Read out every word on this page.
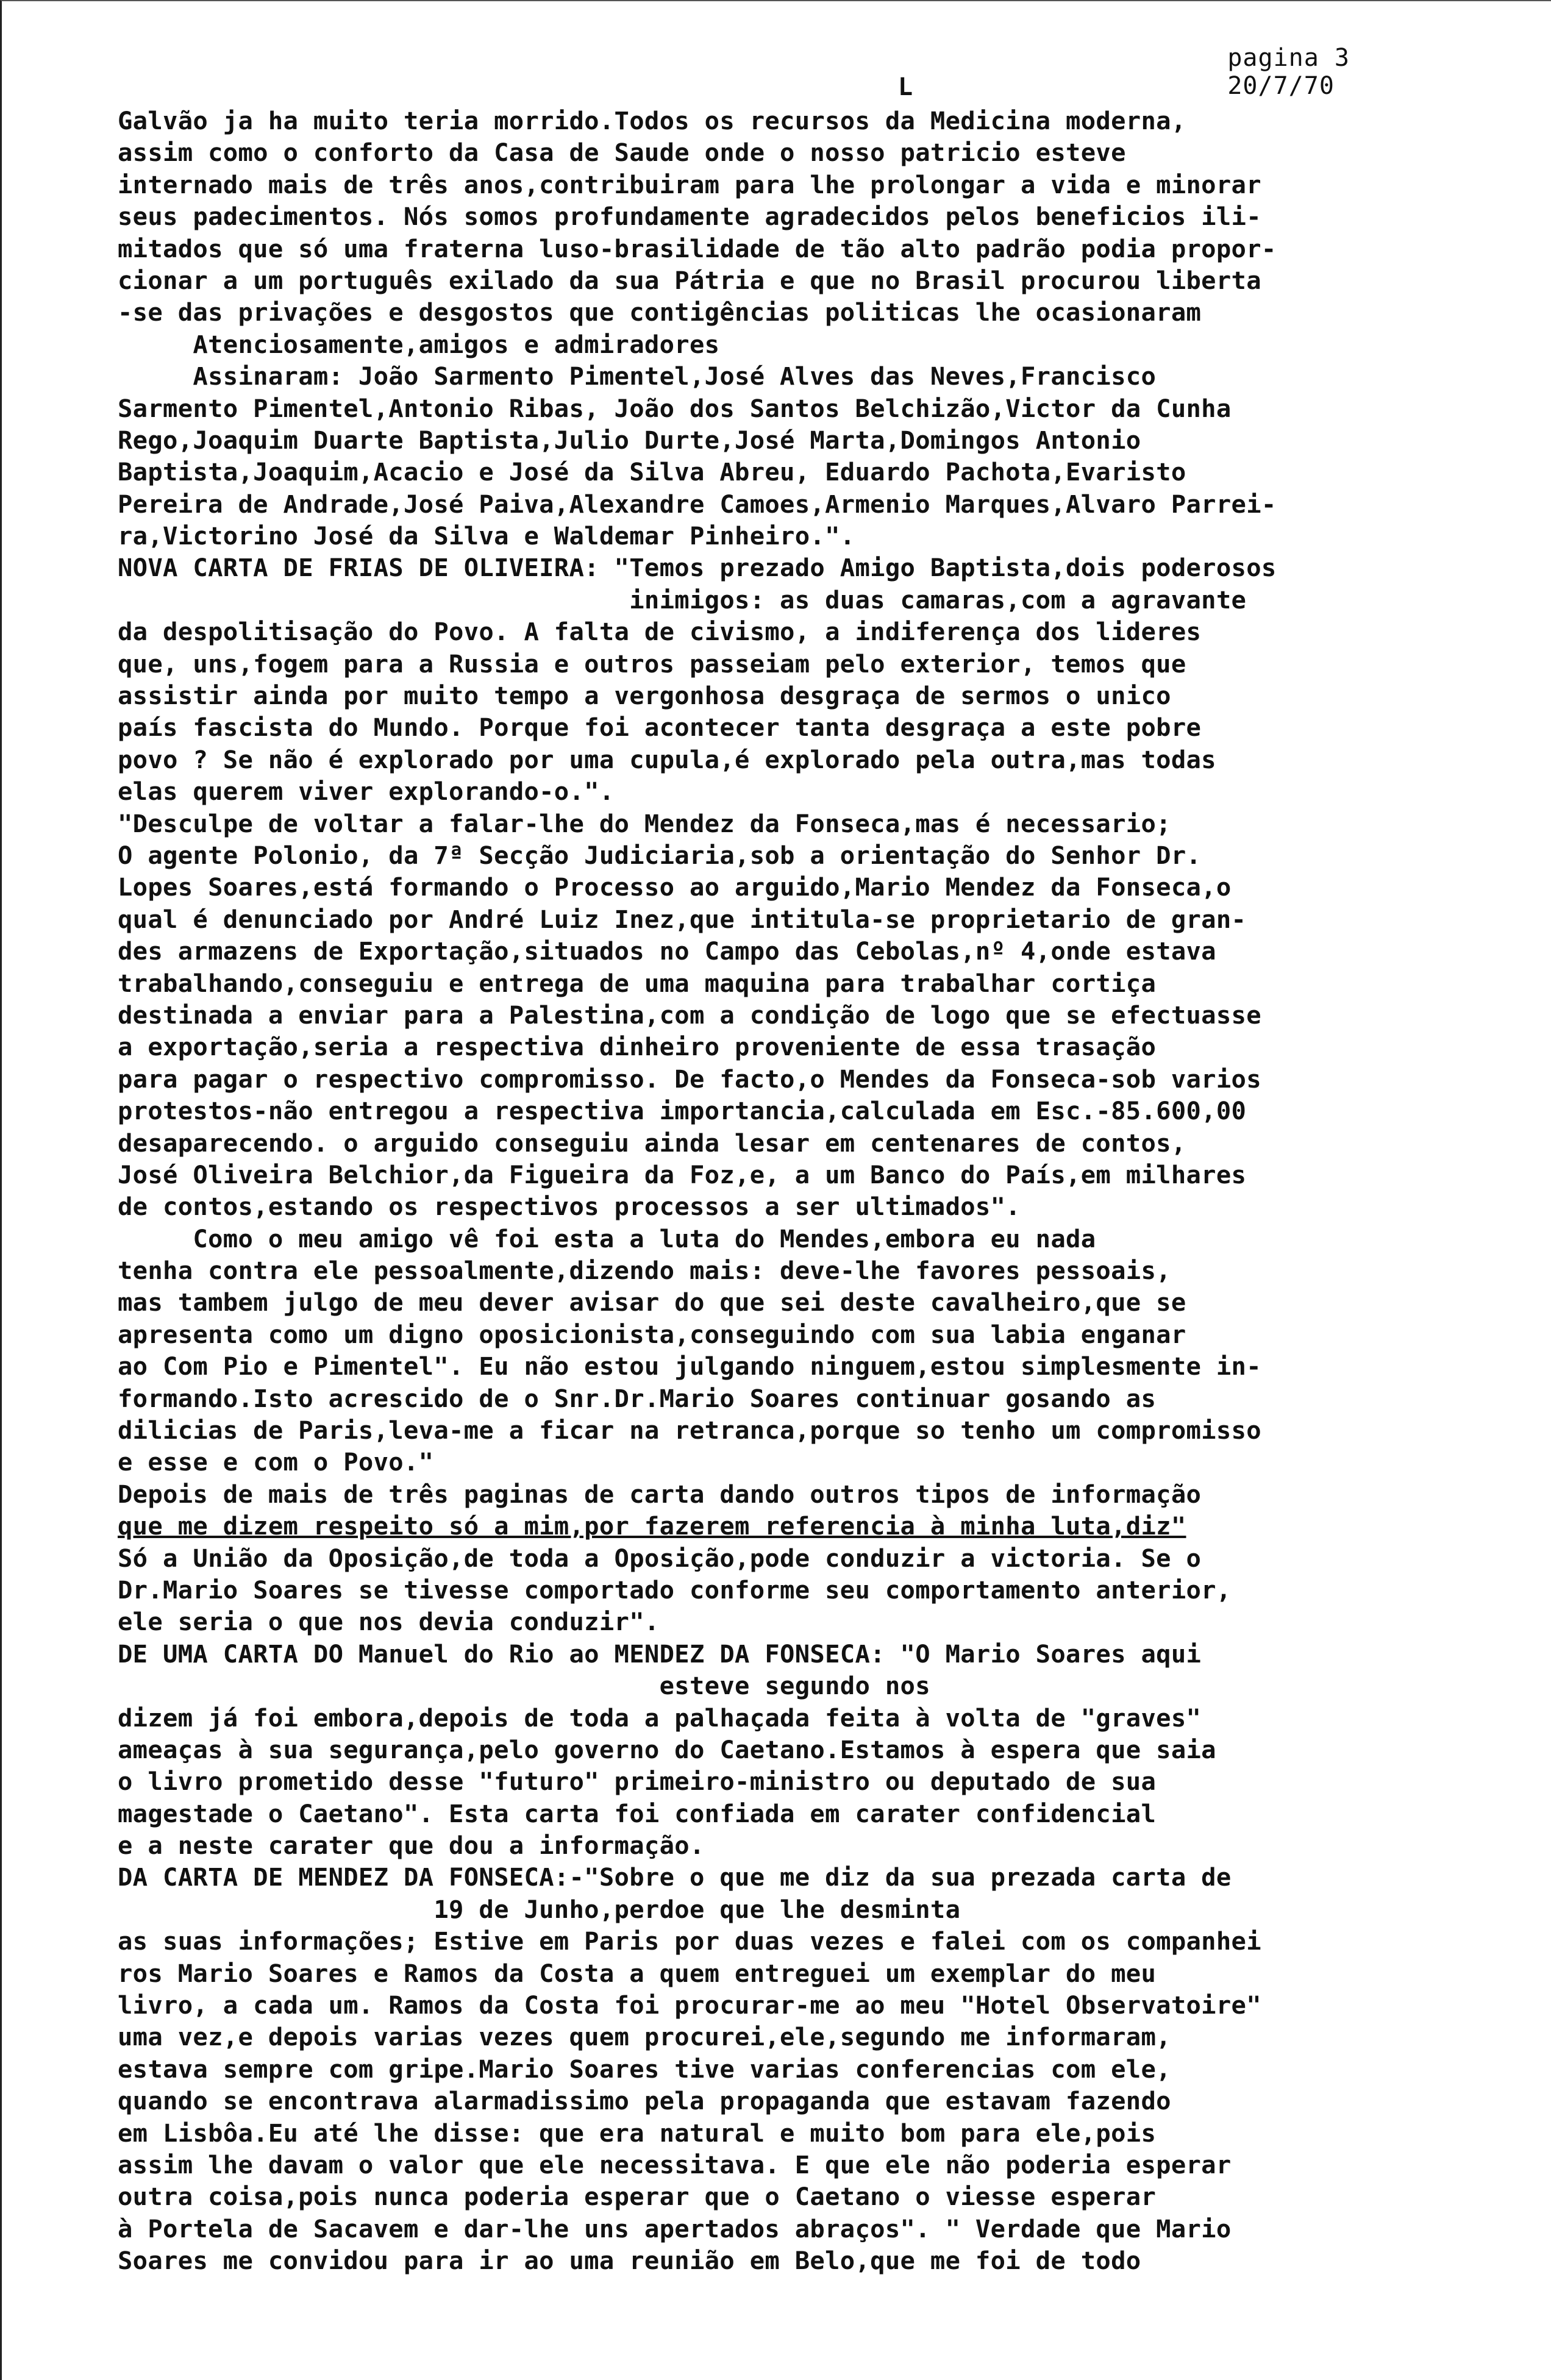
pagina 3
20/7/70
L
Galvão ja ha muito teria morrido.Todos os recursos da Medicina moderna,
assim como o conforto da Casa de Saude onde o nosso patricio esteve
internado mais de três anos,contribuiram para lhe prolongar a vida e minorar
seus padecimentos. Nós somos profundamente agradecidos pelos beneficios ili-
mitados que só uma fraterna luso-brasilidade de tão alto padrão podia propor-
cionar a um português exilado da sua Pátria e que no Brasil procurou liberta
-se das privações e desgostos que contigências politicas lhe ocasionaram
Atenciosamente,amigos e admiradores
Assinaram: João Sarmento Pimentel,José Alves das Neves,Francisco
Sarmento Pimentel,Antonio Ribas, João dos Santos Belchizão,Victor da Cunha
Rego,Joaquim Duarte Baptista,Julio Durte,José Marta,Domingos Antonio
Baptista,Joaquim,Acacio e José da Silva Abreu, Eduardo Pachota,Evaristo
Pereira de Andrade,José Paiva,Alexandre Camoes,Armenio Marques,Alvaro Parrei-
ra,Victorino José da Silva e Waldemar Pinheiro.".
NOVA CARTA DE FRIAS DE OLIVEIRA: "Temos prezado Amigo Baptista,dois poderosos
inimigos: as duas camaras,com a agravante
da despolitisação do Povo. A falta de civismo, a indiferença dos lideres
que, uns,fogem para a Russia e outros passeiam pelo exterior, temos que
assistir ainda por muito tempo a vergonhosa desgraça de sermos o unico
país fascista do Mundo. Porque foi acontecer tanta desgraça a este pobre
povo ? Se não é explorado por uma cupula,é explorado pela outra,mas todas
elas querem viver explorando-o.".
"Desculpe de voltar a falar-lhe do Mendez da Fonseca,mas é necessario;
O agente Polonio, da 7ª Secção Judiciaria,sob a orientação do Senhor Dr.
Lopes Soares,está formando o Processo ao arguido,Mario Mendez da Fonseca,o
qual é denunciado por André Luiz Inez,que intitula-se proprietario de gran-
des armazens de Exportação,situados no Campo das Cebolas,nº 4,onde estava
trabalhando,conseguiu e entrega de uma maquina para trabalhar cortiça
destinada a enviar para a Palestina,com a condição de logo que se efectuasse
a exportação,seria a respectiva dinheiro proveniente de essa trasação
para pagar o respectivo compromisso. De facto,o Mendes da Fonseca-sob varios
protestos-não entregou a respectiva importancia,calculada em Esc.-85.600,00
desaparecendo. o arguido conseguiu ainda lesar em centenares de contos,
José Oliveira Belchior,da Figueira da Foz,e, a um Banco do País,em milhares
de contos,estando os respectivos processos a ser ultimados".
Como o meu amigo vê foi esta a luta do Mendes,embora eu nada
tenha contra ele pessoalmente,dizendo mais: deve-lhe favores pessoais,
mas tambem julgo de meu dever avisar do que sei deste cavalheiro,que se
apresenta como um digno oposicionista,conseguindo com sua labia enganar
ao Com Pio e Pimentel". Eu não estou julgando ninguem,estou simplesmente in-
formando.Isto acrescido de o Snr.Dr.Mario Soares continuar gosando as
dilicias de Paris,leva-me a ficar na retranca,porque so tenho um compromisso
e esse e com o Povo."
Depois de mais de três paginas de carta dando outros tipos de informação
que me dizem respeito só a mim,por fazerem referencia à minha luta,diz"
Só a União da Oposição,de toda a Oposição,pode conduzir a victoria. Se o
Dr.Mario Soares se tivesse comportado conforme seu comportamento anterior,
ele seria o que nos devia conduzir".
DE UMA CARTA DO Manuel do Rio ao MENDEZ DA FONSECA: "O Mario Soares aqui
esteve segundo nos
dizem já foi embora,depois de toda a palhaçada feita à volta de "graves"
ameaças à sua segurança,pelo governo do Caetano.Estamos à espera que saia
o livro prometido desse "futuro" primeiro-ministro ou deputado de sua
magestade o Caetano". Esta carta foi confiada em carater confidencial
e a neste carater que dou a informação.
DA CARTA DE MENDEZ DA FONSECA:-"Sobre o que me diz da sua prezada carta de
19 de Junho,perdoe que lhe desminta
as suas informações; Estive em Paris por duas vezes e falei com os companhei
ros Mario Soares e Ramos da Costa a quem entreguei um exemplar do meu
livro, a cada um. Ramos da Costa foi procurar-me ao meu "Hotel Observatoire"
uma vez,e depois varias vezes quem procurei,ele,segundo me informaram,
estava sempre com gripe.Mario Soares tive varias conferencias com ele,
quando se encontrava alarmadissimo pela propaganda que estavam fazendo
em Lisbôa.Eu até lhe disse: que era natural e muito bom para ele,pois
assim lhe davam o valor que ele necessitava. E que ele não poderia esperar
outra coisa,pois nunca poderia esperar que o Caetano o viesse esperar
à Portela de Sacavem e dar-lhe uns apertados abraços". " Verdade que Mario
Soares me convidou para ir ao uma reunião em Belo,que me foi de todo
